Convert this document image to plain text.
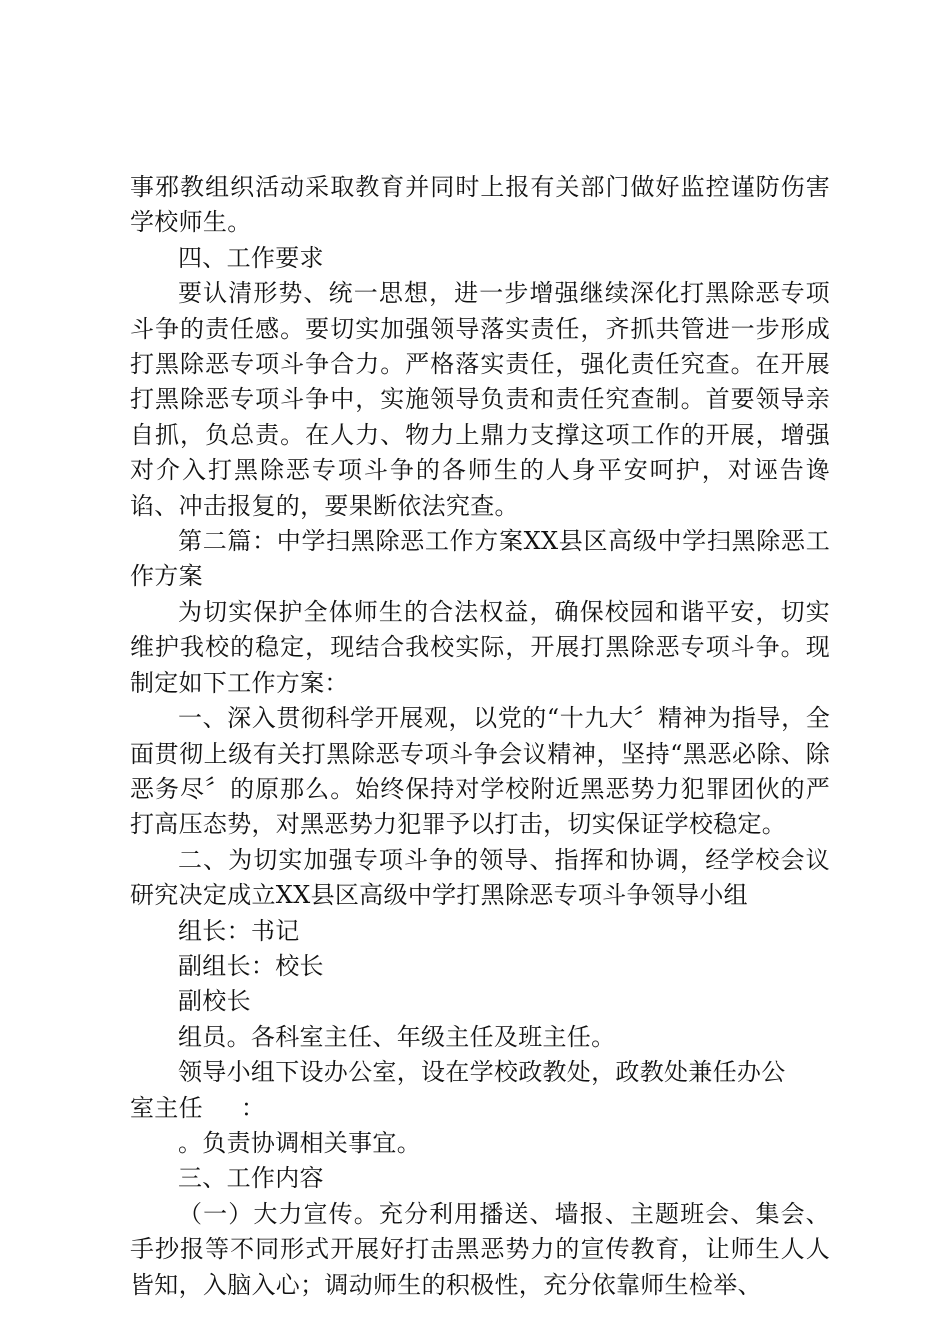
事邪教组织活动采取教育并同时上报有关部门做好监控谨防伤害学校师生。

四、工作要求

要认清形势、统一思想，进一步增强继续深化打黑除恶专项斗争的责任感。要切实加强领导落实责任，齐抓共管进一步形成打黑除恶专项斗争合力。严格落实责任，强化责任究查。在开展打黑除恶专项斗争中，实施领导负责和责任究查制。首要领导亲自抓，负总责。在人力、物力上鼎力支撑这项工作的开展，增强对介入打黑除恶专项斗争的各师生的人身平安呵护，对诬告谗谄、冲击报复的，要果断依法究查。

第二篇：中学扫黑除恶工作方案XX县区高级中学扫黑除恶工作方案

为切实保护全体师生的合法权益，确保校园和谐平安，切实维护我校的稳定，现结合我校实际，开展打黑除恶专项斗争。现制定如下工作方案：

一、深入贯彻科学开展观，以党的“十九大〞精神为指导，全面贯彻上级有关打黑除恶专项斗争会议精神，坚持“黑恶必除、除恶务尽〞的原那么。始终保持对学校附近黑恶势力犯罪团伙的严打高压态势，对黑恶势力犯罪予以打击，切实保证学校稳定。

二、为切实加强专项斗争的领导、指挥和协调，经学校会议研究决定成立XX县区高级中学打黑除恶专项斗争领导小组

组长：书记

副组长：校长

副校长

组员。各科室主任、年级主任及班主任。

领导小组下设办公室，设在学校政教处，政教处兼任办公
室主任 ：

。负责协调相关事宜。

三、工作内容

（一）大力宣传。充分利用播送、墙报、主题班会、集会、手抄报等不同形式开展好打击黑恶势力的宣传教育，让师生人人皆知，入脑入心；调动师生的积极性，充分依靠师生检举、
